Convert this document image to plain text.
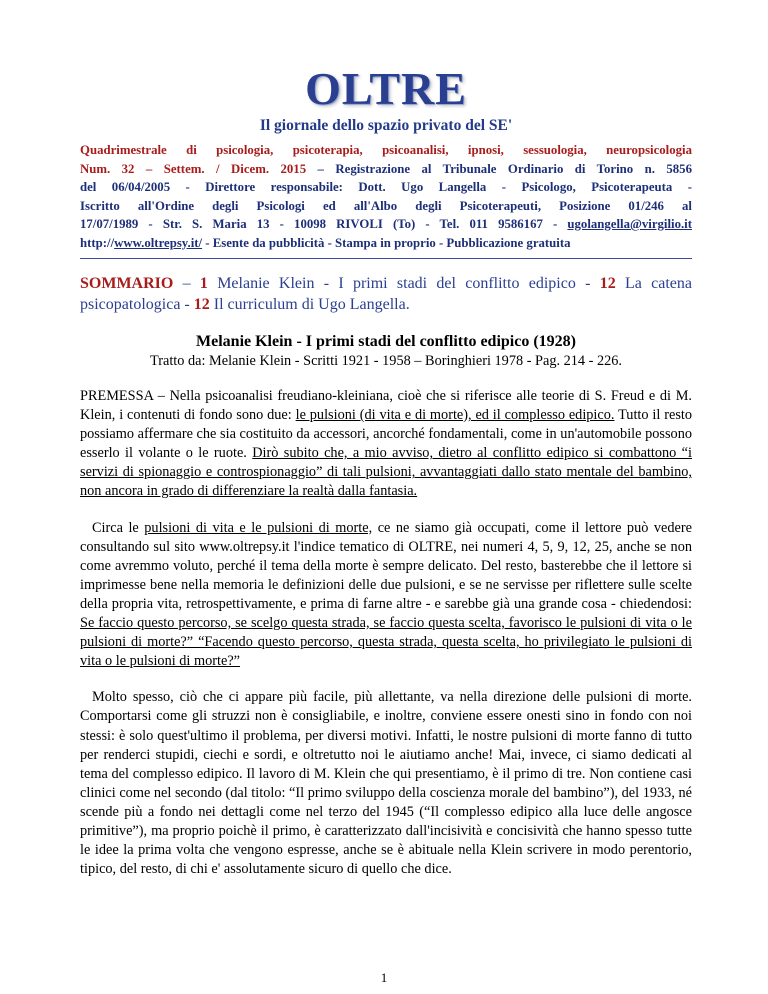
OLTRE
Il giornale dello spazio privato del SE'
Quadrimestrale di psicologia, psicoterapia, psicoanalisi, ipnosi, sessuologia, neuropsicologia
Num. 32 – Settem. / Dicem. 2015 – Registrazione al Tribunale Ordinario di Torino n. 5856
del 06/04/2005 - Direttore responsabile: Dott. Ugo Langella - Psicologo, Psicoterapeuta -
Iscritto all'Ordine degli Psicologi ed all'Albo degli Psicoterapeuti, Posizione 01/246 al
17/07/1989 - Str. S. Maria 13 - 10098 RIVOLI (To) - Tel. 011 9586167 - ugolangella@virgilio.it
http://www.oltrepsy.it/ - Esente da pubblicità - Stampa in proprio - Pubblicazione gratuita
SOMMARIO – 1 Melanie Klein - I primi stadi del conflitto edipico - 12 La catena psicopatologica - 12 Il curriculum di Ugo Langella.
Melanie Klein - I primi stadi del conflitto edipico (1928)
Tratto da: Melanie Klein - Scritti 1921 - 1958 – Boringhieri 1978 - Pag. 214 - 226.

PREMESSA – Nella psicoanalisi freudiano-kleiniana, cioè che si riferisce alle teorie di S. Freud e di M. Klein, i contenuti di fondo sono due: le pulsioni (di vita e di morte), ed il complesso edipico. Tutto il resto possiamo affermare che sia costituito da accessori, ancorché fondamentali, come in un'automobile possono esserlo il volante o le ruote. Dirò subito che, a mio avviso, dietro al conflitto edipico si combattono “i servizi di spionaggio e controspionaggio” di tali pulsioni, avvantaggiati dallo stato mentale del bambino, non ancora in grado di differenziare la realtà dalla fantasia.

Circa le pulsioni di vita e le pulsioni di morte, ce ne siamo già occupati, come il lettore può vedere consultando sul sito www.oltrepsy.it l'indice tematico di OLTRE, nei numeri 4, 5, 9, 12, 25, anche se non come avremmo voluto, perché il tema della morte è sempre delicato. Del resto, basterebbe che il lettore si imprimesse bene nella memoria le definizioni delle due pulsioni, e se ne servisse per riflettere sulle scelte della propria vita, retrospettivamente, e prima di farne altre - e sarebbe già una grande cosa - chiedendosi: Se faccio questo percorso, se scelgo questa strada, se faccio questa scelta, favorisco le pulsioni di vita o le pulsioni di morte?” “Facendo questo percorso, questa strada, questa scelta, ho privilegiato le pulsioni di vita o le pulsioni di morte?”

Molto spesso, ciò che ci appare più facile, più allettante, va nella direzione delle pulsioni di morte. Comportarsi come gli struzzi non è consigliabile, e inoltre, conviene essere onesti sino in fondo con noi stessi: è solo quest'ultimo il problema, per diversi motivi. Infatti, le nostre pulsioni di morte fanno di tutto per renderci stupidi, ciechi e sordi, e oltretutto noi le aiutiamo anche! Mai, invece, ci siamo dedicati al tema del complesso edipico. Il lavoro di M. Klein che qui presentiamo, è il primo di tre. Non contiene casi clinici come nel secondo (dal titolo: “Il primo sviluppo della coscienza morale del bambino”), del 1933, né scende più a fondo nei dettagli come nel terzo del 1945 (“Il complesso edipico alla luce delle angosce primitive”), ma proprio poichè il primo, è caratterizzato dall'incisività e concisività che hanno spesso tutte le idee la prima volta che vengono espresse, anche se è abituale nella Klein scrivere in modo perentorio, tipico, del resto, di chi e' assolutamente sicuro di quello che dice.

1
